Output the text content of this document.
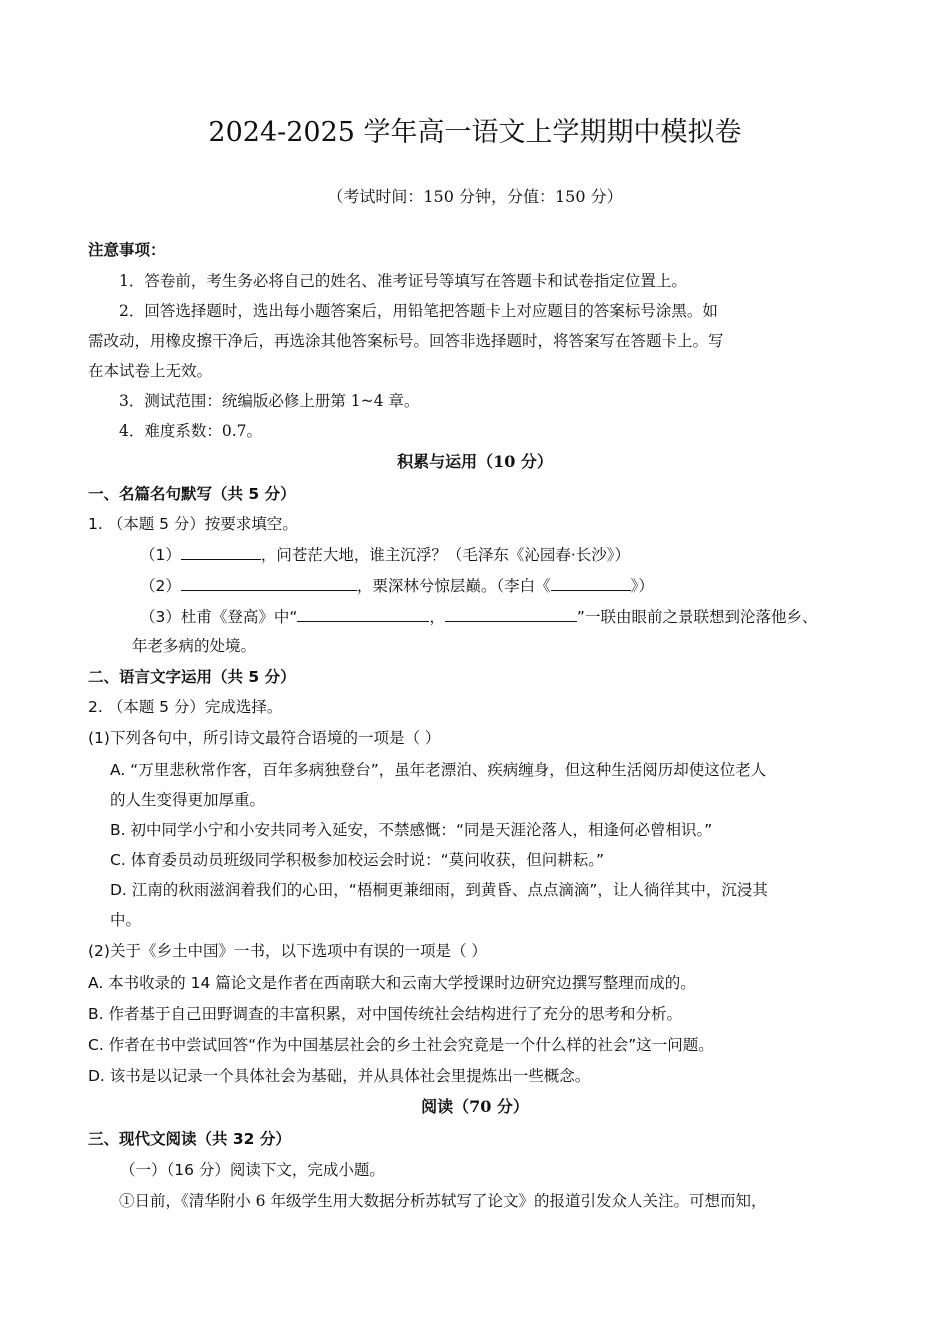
2024-2025 学年高一语文上学期期中模拟卷
（考试时间：150 分钟，分值：150 分）
注意事项：
1．答卷前，考生务必将自己的姓名、准考证号等填写在答题卡和试卷指定位置上。
2．回答选择题时，选出每小题答案后，用铅笔把答题卡上对应题目的答案标号涂黑。如
需改动，用橡皮擦干净后，再选涂其他答案标号。回答非选择题时，将答案写在答题卡上。写
在本试卷上无效。
3．测试范围：统编版必修上册第 1~4 章。
4．难度系数：0.7。
积累与运用（10 分）
一、名篇名句默写（共 5 分）
1. （本题 5 分）按要求填空。
（1）	，问苍茫大地，谁主沉浮？（毛泽东《沁园春·长沙》）
（2）	，栗深林兮惊层巅。（李白《	》）
（3）杜甫《登高》中“	，	”一联由眼前之景联想到沦落他乡、
年老多病的处境。
二、语言文字运用（共 5 分）
2. （本题 5 分）完成选择。
(1)下列各句中，所引诗文最符合语境的一项是（ ）
A. “万里悲秋常作客，百年多病独登台”，虽年老漂泊、疾病缠身，但这种生活阅历却使这位老人
的人生变得更加厚重。
B. 初中同学小宁和小安共同考入延安，不禁感慨：“同是天涯沦落人，相逢何必曾相识。”
C. 体育委员动员班级同学积极参加校运会时说：“莫问收获，但问耕耘。”
D. 江南的秋雨滋润着我们的心田，“梧桐更兼细雨，到黄昏、点点滴滴”，让人徜徉其中，沉浸其
中。
(2)关于《乡土中国》一书，以下选项中有误的一项是（ ）
A. 本书收录的 14 篇论文是作者在西南联大和云南大学授课时边研究边撰写整理而成的。
B. 作者基于自己田野调查的丰富积累，对中国传统社会结构进行了充分的思考和分析。
C. 作者在书中尝试回答“作为中国基层社会的乡土社会究竟是一个什么样的社会”这一问题。
D. 该书是以记录一个具体社会为基础，并从具体社会里提炼出一些概念。
阅读（70 分）
三、现代文阅读（共 32 分）
（一）（16 分）阅读下文，完成小题。
①日前，《清华附小 6 年级学生用大数据分析苏轼写了论文》的报道引发众人关注。可想而知，
